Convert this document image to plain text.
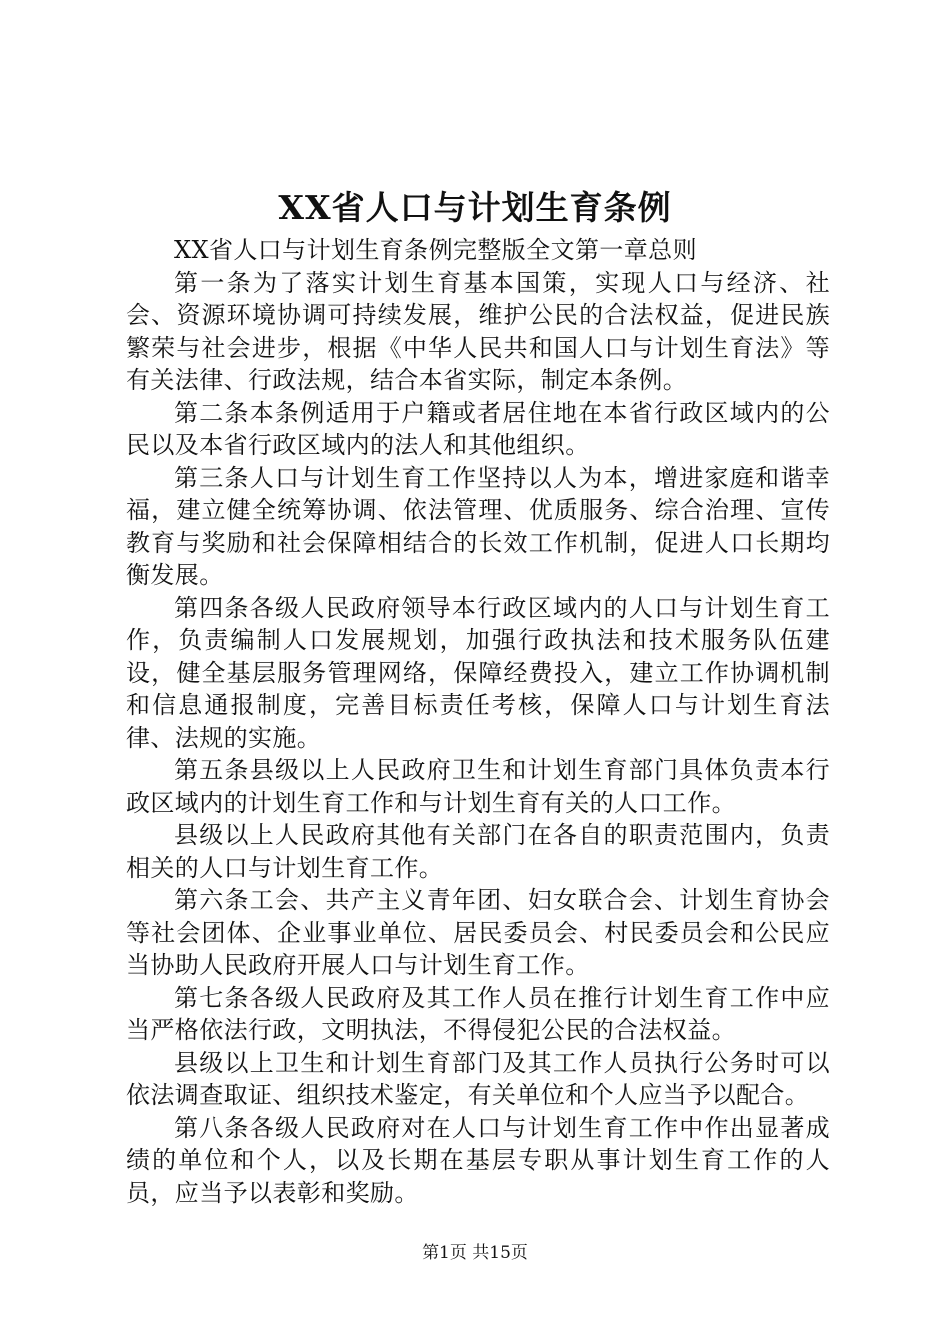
XX省人口与计划生育条例

XX省人口与计划生育条例完整版全文第一章总则

第一条为了落实计划生育基本国策，实现人口与经济、社会、资源环境协调可持续发展，维护公民的合法权益，促进民族繁荣与社会进步，根据《中华人民共和国人口与计划生育法》等有关法律、行政法规，结合本省实际，制定本条例。

第二条本条例适用于户籍或者居住地在本省行政区域内的公民以及本省行政区域内的法人和其他组织。

第三条人口与计划生育工作坚持以人为本，增进家庭和谐幸福，建立健全统筹协调、依法管理、优质服务、综合治理、宣传教育与奖励和社会保障相结合的长效工作机制，促进人口长期均衡发展。

第四条各级人民政府领导本行政区域内的人口与计划生育工作，负责编制人口发展规划，加强行政执法和技术服务队伍建设，健全基层服务管理网络，保障经费投入，建立工作协调机制和信息通报制度，完善目标责任考核，保障人口与计划生育法律、法规的实施。

第五条县级以上人民政府卫生和计划生育部门具体负责本行政区域内的计划生育工作和与计划生育有关的人口工作。

县级以上人民政府其他有关部门在各自的职责范围内，负责相关的人口与计划生育工作。

第六条工会、共产主义青年团、妇女联合会、计划生育协会等社会团体、企业事业单位、居民委员会、村民委员会和公民应当协助人民政府开展人口与计划生育工作。

第七条各级人民政府及其工作人员在推行计划生育工作中应当严格依法行政，文明执法，不得侵犯公民的合法权益。

县级以上卫生和计划生育部门及其工作人员执行公务时可以依法调查取证、组织技术鉴定，有关单位和个人应当予以配合。

第八条各级人民政府对在人口与计划生育工作中作出显著成绩的单位和个人，以及长期在基层专职从事计划生育工作的人员，应当予以表彰和奖励。

第1页 共15页
